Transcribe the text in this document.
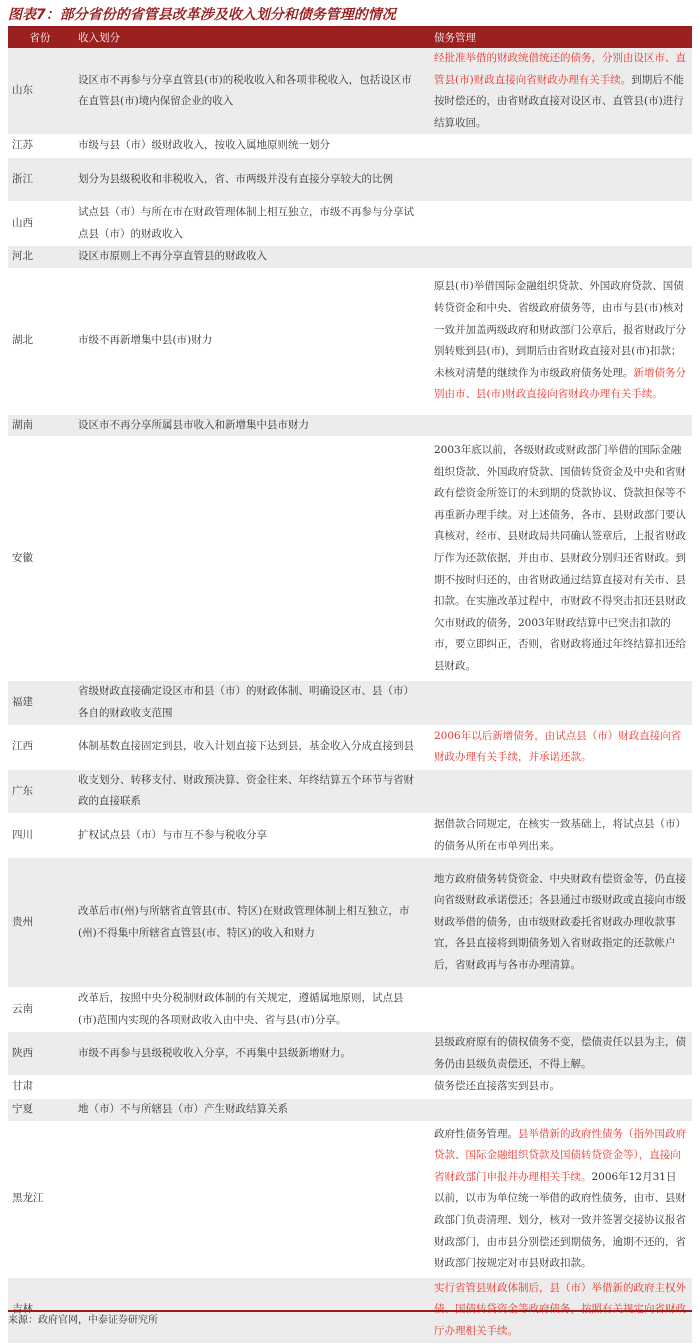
图表7：部分省份的省管县改革涉及收入划分和债务管理的情况
省份	收入划分	债务管理
山东	设区市不再参与分享直管县(市)的税收收入和各项非税收入，包括设区市在直管县(市)境内保留企业的收入	经批准举借的财政统借统还的债务，分别由设区市、直管县(市)财政直接向省财政办理有关手续。到期后不能按时偿还的，由省财政直接对设区市、直管县(市)进行结算收回。
江苏	市级与县（市）级财政收入，按收入属地原则统一划分	
浙江	划分为县级税收和非税收入，省、市两级并没有直接分享较大的比例	
山西	试点县（市）与所在市在财政管理体制上相互独立，市级不再参与分享试点县（市）的财政收入	
河北	设区市原则上不再分享直管县的财政收入	
湖北	市级不再新增集中县(市)财力	原县(市)举借国际金融组织贷款、外国政府贷款、国债转贷资金和中央、省级政府债务等，由市与县(市)核对一致并加盖两级政府和财政部门公章后，报省财政厅分别转账到县(市)，到期后由省财政直接对县(市)扣款；未核对清楚的继续作为市级政府债务处理。新增债务分别由市、县(市)财政直接向省财政办理有关手续。
湖南	设区市不再分享所属县市收入和新增集中县市财力	
安徽		2003年底以前，各级财政或财政部门举借的国际金融组织贷款、外国政府贷款、国债转贷资金及中央和省财政有偿资金所签订的未到期的贷款协议、贷款担保等不再重新办理手续。对上述债务，各市、县财政部门要认真核对，经市、县财政局共同确认签章后，上报省财政厅作为还款依据，并由市、县财政分别归还省财政。到期不按时归还的，由省财政通过结算直接对有关市、县扣款。在实施改革过程中，市财政不得突击扣还县财政欠市财政的债务，2003年财政结算中已突击扣款的市，要立即纠正，否则，省财政将通过年终结算扣还给县财政。
福建	省级财政直接确定设区市和县（市）的财政体制、明确设区市、县（市）各自的财政收支范围	
江西	体制基数直接固定到县，收入计划直接下达到县，基金收入分成直接到县	2006年以后新增债务，由试点县（市）财政直接向省财政办理有关手续，并承诺还款。
广东	收支划分、转移支付、财政预决算、资金往来、年终结算五个环节与省财政的直接联系	
四川	扩权试点县（市）与市互不参与税收分享	据借款合同规定，在核实一致基础上，将试点县（市）的债务从所在市单列出来。
贵州	改革后市(州)与所辖省直管县(市、特区)在财政管理体制上相互独立，市(州)不得集中所辖省直管县(市、特区)的收入和财力	地方政府债务转贷资金、中央财政有偿资金等，仍直接向省级财政承诺偿还；各县通过市级财政或直接向市级财政举借的债务，由市级财政委托省财政办理收款事宜，各县直接将到期债务划入省财政指定的还款帐户后，省财政再与各市办理清算。
云南	改革后，按照中央分税制财政体制的有关规定，遵循属地原则，试点县(市)范围内实现的各项财政收入由中央、省与县(市)分享。	
陕西	市级不再参与县级税收收入分享，不再集中县级新增财力。	县级政府原有的债权债务不变，偿债责任以县为主，债务仍由县级负责偿还，不得上解。
甘肃		债务偿还直接落实到县市。
宁夏	地（市）不与所辖县（市）产生财政结算关系	
黑龙江		政府性债务管理。县举借新的政府性债务（指外国政府贷款、国际金融组织贷款及国债转贷资金等），直接向省财政部门申报并办理相关手续。2006年12月31日以前，以市为单位统一举借的政府性债务，由市、县财政部门负责清理、划分，核对一致并签署交接协议报省财政部门，由市县分别偿还到期债务，逾期不还的，省财政部门按规定对市县财政扣款。
吉林		实行省管县财政体制后，县（市）举借新的政府主权外债、国债转贷资金等政府债务，按照有关规定向省财政厅办理相关手续。
来源：政府官网，中泰证券研究所
